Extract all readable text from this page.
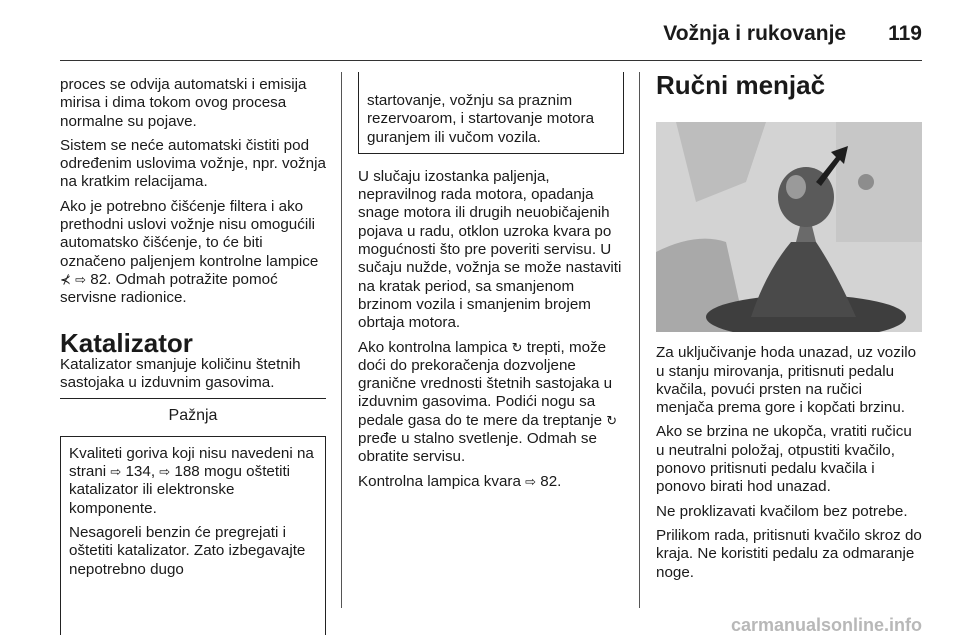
Vožnja i rukovanje 119

proces se odvija automatski i emisija mirisa i dima tokom ovog procesa normalne su pojave.

Sistem se neće automatski čistiti pod određenim uslovima vožnje, npr. vožnja na kratkim relacijama.

Ako je potrebno čišćenje filtera i ako prethodni uslovi vožnje nisu omogućili automatsko čišćenje, to će biti označeno paljenjem kontrolne lampice ⊀ ⇨ 82. Odmah potražite pomoć servisne radionice.

Katalizator

Katalizator smanjuje količinu štetnih sastojaka u izduvnim gasovima.

Pažnja

Kvaliteti goriva koji nisu navedeni na strani ⇨ 134, ⇨ 188 mogu oštetiti katalizator ili elektronske komponente.

Nesagoreli benzin će pregrejati i oštetiti katalizator. Zato izbegavajte nepotrebno dugo

startovanje, vožnju sa praznim rezervoarom, i startovanje motora guranjem ili vučom vozila.

U slučaju izostanka paljenja, nepravilnog rada motora, opadanja snage motora ili drugih neuobičajenih pojava u radu, otklon uzroka kvara po mogućnosti što pre poveriti servisu. U sučaju nužde, vožnja se može nastaviti na kratak period, sa smanjenom brzinom vozila i smanjenim brojem obrtaja motora.

Ako kontrolna lampica ↻ trepti, može doći do prekoračenja dozvoljene granične vrednosti štetnih sastojaka u izduvnim gasovima. Podići nogu sa pedale gasa do te mere da treptanje ↻ pređe u stalno svetlenje. Odmah se obratite servisu.

Kontrolna lampica kvara ⇨ 82.

Ručni menjač

Za uključivanje hoda unazad, uz vozilo u stanju mirovanja, pritisnuti pedalu kvačila, povući prsten na ručici menjača prema gore i kopčati brzinu.

Ako se brzina ne ukopča, vratiti ručicu u neutralni položaj, otpustiti kvačilo, ponovo pritisnuti pedalu kvačila i ponovo birati hod unazad.

Ne proklizavati kvačilom bez potrebe.

Prilikom rada, pritisnuti kvačilo skroz do kraja. Ne koristiti pedalu za odmaranje noge.

carmanualsonline.info
